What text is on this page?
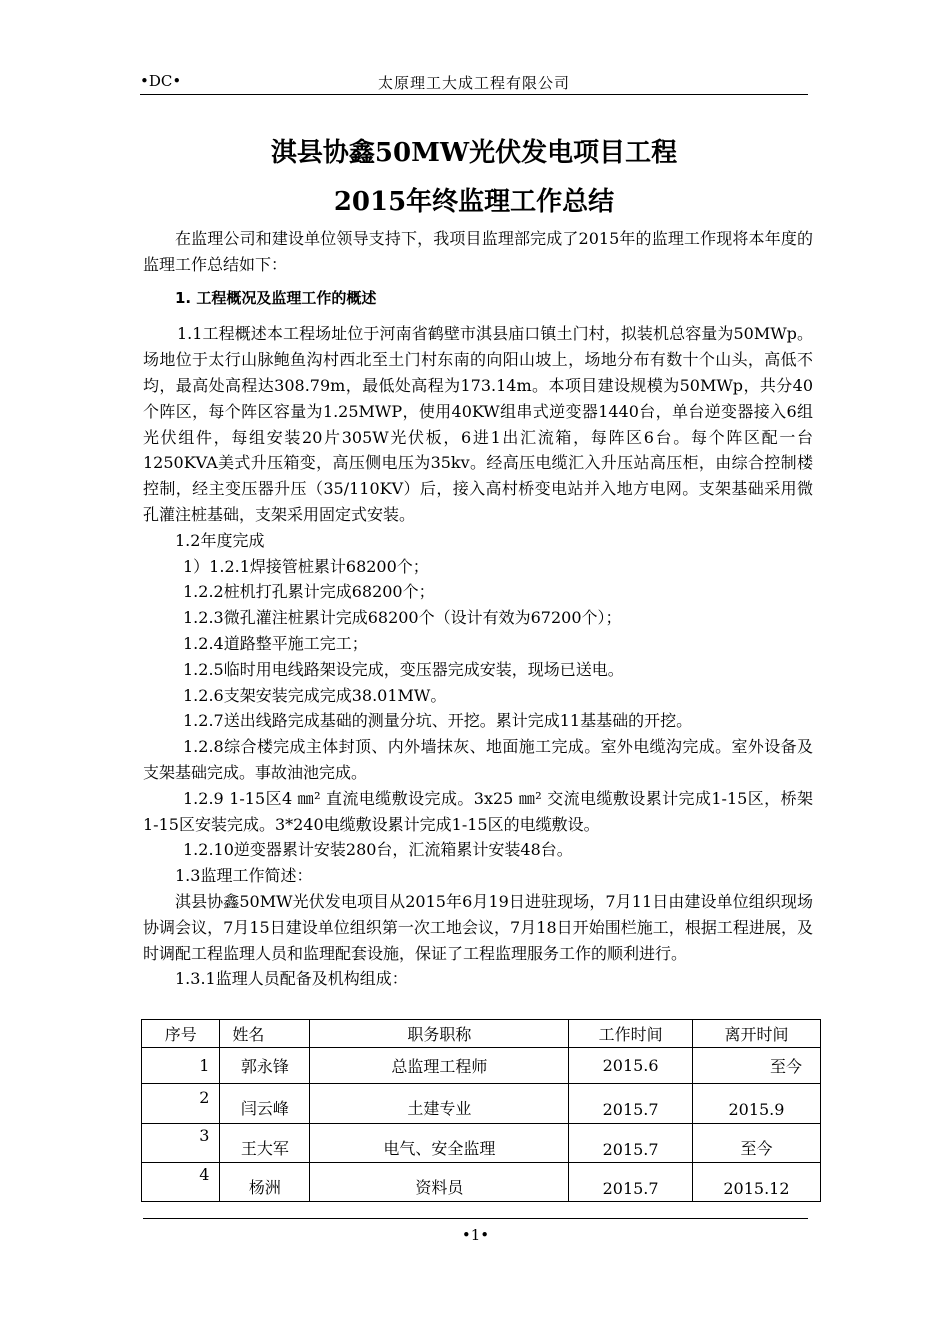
•DC•	太原理工大成工程有限公司
淇县协鑫50MW光伏发电项目工程
2015年终监理工作总结

在监理公司和建设单位领导支持下，我项目监理部完成了2015年的监理工作现将本年度的监理工作总结如下：

1. 工程概况及监理工作的概述

1.1工程概述本工程场址位于河南省鹤壁市淇县庙口镇土门村，拟装机总容量为50MWp。场地位于太行山脉鲍鱼沟村西北至土门村东南的向阳山坡上，场地分布有数十个山头，高低不均，最高处高程达308.79m，最低处高程为173.14m。本项目建设规模为50MWp，共分40个阵区，每个阵区容量为1.25MWP，使用40KW组串式逆变器1440台，单台逆变器接入6组光伏组件，每组安装20片305W光伏板，6进1出汇流箱，每阵区6台。每个阵区配一台1250KVA美式升压箱变，高压侧电压为35kv。经高压电缆汇入升压站高压柜，由综合控制楼控制，经主变压器升压（35/110KV）后，接入高村桥变电站并入地方电网。支架基础采用微孔灌注桩基础，支架采用固定式安装。

1.2年度完成

1）1.2.1焊接管桩累计68200个；

1.2.2桩机打孔累计完成68200个；

1.2.3微孔灌注桩累计完成68200个（设计有效为67200个）；

1.2.4道路整平施工完工；

1.2.5临时用电线路架设完成，变压器完成安装，现场已送电。

1.2.6支架安装完成完成38.01MW。

1.2.7送出线路完成基础的测量分坑、开挖。累计完成11基基础的开挖。

1.2.8综合楼完成主体封顶、内外墙抹灰、地面施工完成。室外电缆沟完成。室外设备及支架基础完成。事故油池完成。

1.2.9 1-15区4 ㎜² 直流电缆敷设完成。3x25 ㎜² 交流电缆敷设累计完成1-15区，桥架1-15区安装完成。3*240电缆敷设累计完成1-15区的电缆敷设。

1.2.10逆变器累计安装280台，汇流箱累计安装48台。

1.3监理工作简述：

淇县协鑫50MW光伏发电项目从2015年6月19日进驻现场，7月11日由建设单位组织现场协调会议，7月15日建设单位组织第一次工地会议，7月18日开始围栏施工，根据工程进展，及时调配工程监理人员和监理配套设施，保证了工程监理服务工作的顺利进行。

1.3.1监理人员配备及机构组成：

序号	姓名	职务职称	工作时间	离开时间
1	郭永锋	总监理工程师	2015.6	至今
2	闫云峰	土建专业	2015.7	2015.9
3	王大军	电气、安全监理	2015.7	至今
4	杨洲	资料员	2015.7	2015.12
•1•
